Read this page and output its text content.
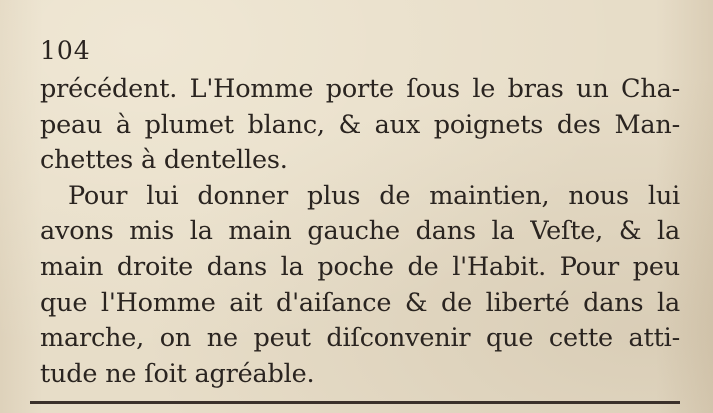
104
précédent. L'Homme porte ſous le bras un Cha-
peau à plumet blanc, & aux poignets des Man-
chettes à dentelles.
Pour lui donner plus de maintien, nous lui
avons mis la main gauche dans la Veſte, & la
main droite dans la poche de l'Habit. Pour peu
que l'Homme ait d'aiſance & de liberté dans la
marche, on ne peut diſconvenir que cette atti-
tude ne ſoit agréable.
